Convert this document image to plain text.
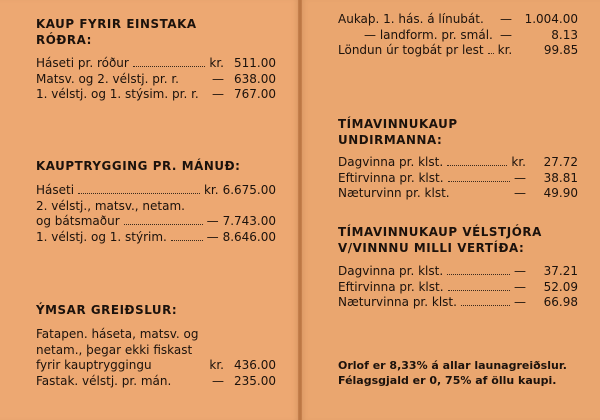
KAUP FYRIR EINSTAKA
RÓÐRA:
Háseti pr. róður	kr. 511.00
Matsv. og 2. vélstj. pr. r.	— 638.00
1. vélstj. og 1. stýsim. pr. r. — 767.00
KAUPTRYGGING PR. MÁNUÐ:
Háseti	kr. 6.675.00
2. vélstj., matsv., netam.
og bátsmaður	— 7.743.00
1. vélstj. og 1. stýrim.	— 8.646.00
ÝMSAR GREIÐSLUR:
Fatapen. háseta, matsv. og
netam., þegar ekki fiskast
fyrir kauptryggingu	kr. 436.00
Fastak. vélstj. pr. mán.	— 235.00
Aukaþ. 1. hás. á línubát. —	1.004.00
— landform. pr. smál. —	8.13
Löndun úr togbát pr lest kr.	99.85
TÍMAVINNUKAUP UNDIRMANNA:
Dagvinna pr. klst.	kr.	27.72
Eftirvinna pr. klst.	—	38.81
Næturvinn pr. klst.	—	49.90
TÍMAVINNUKAUP VÉLSTJÓRA
V/VINNNU MILLI VERTÍÐA:
Dagvinna pr. klst.	—	37.21
Eftirvinna pr. klst.	—	52.09
Næturvinna pr. klst.	—	66.98
Orlof er 8,33% á allar launagreiðslur.
Félagsgjald er 0, 75% af öllu kaupi.
